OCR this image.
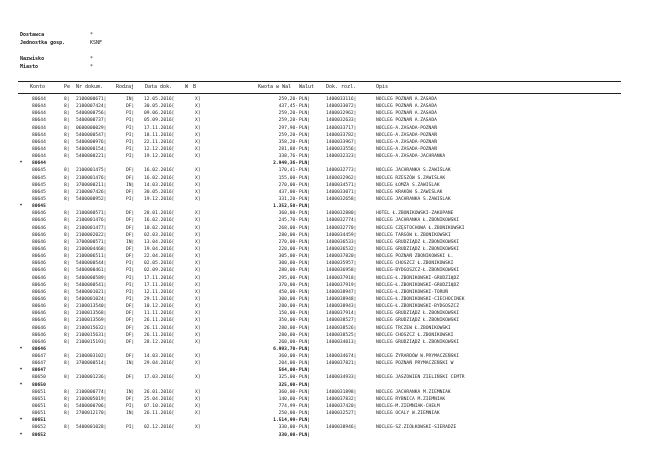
Dostawca	*
Jednostka gosp.	KSNF
Nazwisko	*
Miasto	*
Konto	Pe Nr dokum.	Rodzaj Data dok.	W B	Kwota w Wal Walut Dok. rozl.	Opis
80644	8| 2100000671|	IN| 12.05.2016[	X]	259,20- PLN|	1400033116|	NOCLEG POZNAŃ A.ZASADA
80644	8| 2100007424|	DF| 30.05.2016[	X]	437,45- PLN|	1400033072|	NOCLEG POZNAŃ A.ZASADA
80644	8| 5400000756|	PI| 09.06.2016[	X]	259,20- PLN|	1400032962|	NOCLEG POZNAŃ A.ZASADA
80644	8| 5400000737|	PI| 05.09.2016[	X]	259,20- PLN|	1400032633|	NOCLEG POZNAŃ A.ZASADA
80644	8| 0600000029|	PI| 17.11.2016[	X]	297,90- PLN|	1400033717|	NOCLEG-A.ZASADA-POZNAŃ
80644	8| 5400000547|	PI| 18.11.2016[	X]	259,20- PLN|	1400033782|	NOCLEG-A.ZASADA-POZNAŃ
80644	8| 5400000976|	PI| 22.11.2016[	X]	358,20- PLN|	1400033967|	NOCLEG-A.ZASADA-POZNAŃ
80644	8| 5400000154|	PI| 12.12.2016[	X]	281,88- PLN|	1400033556|	NOCLEG-A.ZASADA-POZNAŃ
80644	8| 5400000221|	PI| 19.12.2016[	X]	338,76- PLN|	1400032323|	NOCLEG-A.ZASADA-JACHRANKA
*	80644	2.949,36- PLN|
80645	8| 2100001475|	DF| 16.02.2016[	X]	170,41- PLN|	1400032773|	NOCLEG JACHRANKA S.ZAWIŚLAK
80645	8| 2100001476|	DF| 16.02.2016[	X]	155,00- PLN|	1400032962|	NOCLEG RZESZÓW S.ZAWIŚLAK
80645	8| 3700000211|	IN| 14.03.2016[	X]	270,00- PLN|	1400034571|	NOCLEG ŁOMŻA S.ZAWIŚLAK
80645	8| 2100007426|	DF| 30.05.2016[	X]	437,00- PLN|	1400033071|	NOCLEG KRAKÓW S.ZAWIŚLAK
80645	8| 5400000952|	PI| 19.12.2016[	X]	331,20- PLN|	1400032658|	NOCLEG JACHRANKA S.ZAWIŚLAK
*	80645	1.352,50- PLN|
80646	8| 2100000571|	DF| 28.01.2016[	X]	360,00- PLN|	1400032880|	HOTEL Ł.ZBONIKOWSKI-ZAKOPANE
80646	8| 2100001476|	DF| 16.02.2016[	X]	245,70- PLN|	1400032774|	NOCLEG JACHRANKA Ł.ZBONIKOWSKI
80646	8| 2100001477|	DF| 10.02.2016[	X]	268,00- PLN|	1400032770|	NOCLEG CZĘSTOCHOWA Ł.ZBONIKOWSKI
80646	8| 2100002022|	DF| 02.03.2016[	X]	280,00- PLN|	1400034459|	NOCLEG TARGÓW Ł.ZBONIKOWSKI
80646	8| 3700000571|	IN| 13.04.2016[	X]	270,00- PLN|	1400036533|	NOCLEG GRUDZIĄDZ Ł.ZBONIKOWSKI
80646	8| 2100004468|	DF| 19.04.2016[	X]	220,00- PLN|	1400036532|	NOCLEG GRUDZIĄDZ Ł.ZBONIKOWSKI
80646	8| 2100006511|	DF| 22.04.2016[	X]	305,00- PLN|	1400037820|	NOCLEG POZNAŃ ZBONIKOWSKI Ł.
80646	8| 5400000544|	PI| 02.05.2016[	X]	300,00- PLN|	1400035957|	NOCLEG CHOSZCZ Ł.ZBONIKOWSKI
80646	8| 5400000461|	PI| 02.09.2016[	X]	280,00- PLN|	1400036958|	NOCLEG-BYDGOSZCZ-Ł.ZBONIKOWSKI
80646	8| 5400000589|	PI| 17.11.2016[	X]	295,00- PLN|	1400037918|	NOCLEG-Ł.ZBONIKOWSKI-GRUDZIĄDZ
80646	8| 5400000541|	PI| 17.11.2016[	X]	370,00- PLN|	1400037919|	NOCLEG-Ł.ZBONIKOWSKI-GRUDZIĄDZ
80646	8| 5400001021|	PI| 12.11.2016[	X]	450,00- PLN|	1400038947|	NOCLEG-Ł.ZBONIKOWSKI-TORUŃ
80646	8| 5400001024|	PI| 29.11.2016[	X]	300,00- PLN|	1400038948|	NOCLEG-Ł.ZBONIKOWSKI-CIECHOCINEK
80646	8| 2100013540|	DF| 10.12.2016[	X]	280,00- PLN|	1400038943|	NOCLEG-Ł.ZBONIKOWSKI-BYDGOSZCZ
80646	8| 2100013568|	DF| 11.11.2016[	X]	150,00- PLN|	1400037914|	NOCLEG GRUDZIĄDZ Ł.ZBONIKOWSKI
80646	8| 2100013569|	DF| 26.11.2016[	X]	350,00- PLN|	1400038527|	NOCLEG GRUDZIĄDZ Ł.ZBONIKOWSKI
80646	8| 2100015632|	DF| 26.11.2016[	X]	280,00- PLN|	1400038526|	NOCLEG TRCZEW Ł.ZBONIKOWSKI
80646	8| 2100015631|	DF| 26.11.2016[	X]	280,00- PLN|	1400038525|	NOCLEG CHOSZCZ Ł.ZBONIKOWSKI
80646	8| 2100015193|	DF| 28.12.2016[	X]	260,00- PLN|	1400034013|	NOCLEG GRUDZIĄDZ Ł.ZBONIKOWSKI
*	80646	6.993,70- PLN|
80647	8| 2100003102|	DF| 14.03.2016[	X]	360,00- PLN|	1400034674|	NOCLEG ŻYRARDÓW W.PRYMACZEŃSKI
80647	8| 3700000514|	IN| 29.04.2016[	X]	204,00- PLN|	1400037821|	NOCLEG POZNAŃ PRYMACZEŃSKI W
*	80647	564,00- PLN|
80650	8| 2100001236|	DF| 17.03.2016[	X]	325,00- PLN|	1400034933|	NOCLEG JASZOWIEN ZIELIŃSKI CEMTR
*	80650	325,00- PLN|
80651	8| 2100000774|	IN| 26.01.2016[	X]	360,00- PLN|	1400031898|	NOCLEG JACHRANKA M.ZIEMNIAK
80651	8| 2100005019|	DF| 25.04.2016[	X]	140,00- PLN|	1400037832|	NOCLEG RYBNICA M.ZIEMNIAK
80651	8| 5400000706|	PI| 07.10.2016[	X]	774,99- PLN|	1400037420|	NOCLEG-M.ZIEMNIAK-CHEŁM
80651	8| 2700012170|	IN| 26.11.2016[	X]	250,00- PLN|	1400032527|	NOCLEG OCALY W.ZIEMNIAK
*	80651	1.514,99- PLN|
80652	8| 5400001028|	PI| 02.12.2016[	X]	330,00- PLN|	1400038946|	NOCLEG-SZ.ZIÓŁKOWSKI-SIERADZE
*	80652	330,00- PLN|
